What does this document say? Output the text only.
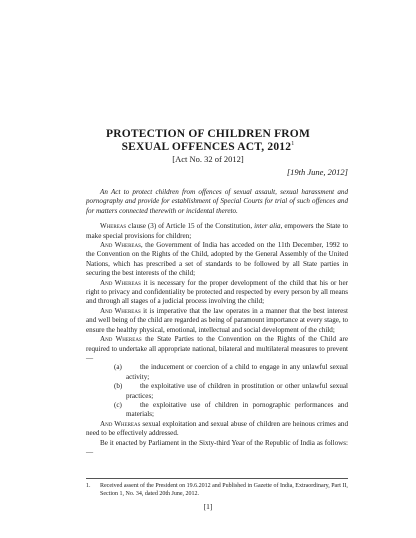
PROTECTION OF CHILDREN FROM
SEXUAL OFFENCES ACT, 2012$^1$
[Act No. 32 of 2012]
[19th June, 2012]

An Act to protect children from offences of sexual assault, sexual harassment and pornography and provide for establishment of Special Courts for trial of such offences and for matters connected therewith or incidental thereto.

Whereas clause (3) of Article 15 of the Constitution, inter alia, empowers the State to make special provisions for children;

And Whereas, the Government of India has acceded on the 11th December, 1992 to the Convention on the Rights of the Child, adopted by the General Assembly of the United Nations, which has prescribed a set of standards to be followed by all State parties in securing the best interests of the child;

And Whereas it is necessary for the proper development of the child that his or her right to privacy and confidentiality be protected and respected by every person by all means and through all stages of a judicial process involving the child;

And Whereas it is imperative that the law operates in a manner that the best interest and well being of the child are regarded as being of paramount importance at every stage, to ensure the healthy physical, emotional, intellectual and social development of the child;

And Whereas the State Parties to the Convention on the Rights of the Child are required to undertake all appropriate national, bilateral and multilateral measures to prevent—

(a)	the inducement or coercion of a child to engage in any unlawful sexual activity;

(b) the exploitative use of children in prostitution or other unlawful sexual practices;

(c)	the exploitative use of children in pornographic performances and materials;

And Whereas sexual exploitation and sexual abuse of children are heinous crimes and need to be effectively addressed.

Be it enacted by Parliament in the Sixty-third Year of the Republic of India as follows:—

1.	Received assent of the President on 19.6.2012 and Published in Gazette of India, Extraordinary, Part II, Section 1, No. 34, dated 20th June, 2012.
[1]
